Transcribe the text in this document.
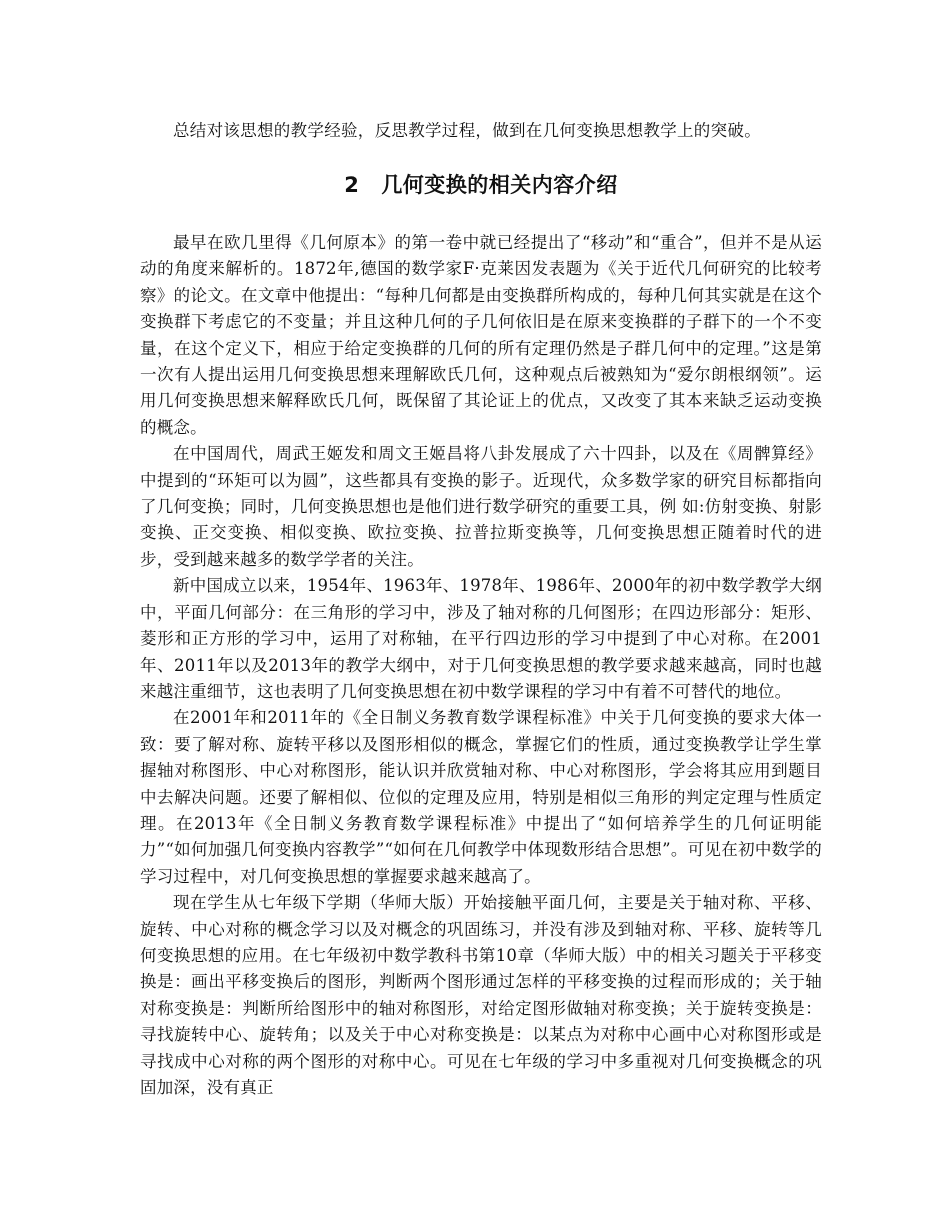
总结对该思想的教学经验，反思教学过程，做到在几何变换思想教学上的突破。

2 几何变换的相关内容介绍

最早在欧几里得《几何原本》的第一卷中就已经提出了“移动”和“重合”，但并不是从运动的角度来解析的。1872年,德国的数学家F·克莱因发表题为《关于近代几何研究的比较考察》的论文。在文章中他提出：“每种几何都是由变换群所构成的，每种几何其实就是在这个变换群下考虑它的不变量；并且这种几何的子几何依旧是在原来变换群的子群下的一个不变量，在这个定义下，相应于给定变换群的几何的所有定理仍然是子群几何中的定理。”这是第一次有人提出运用几何变换思想来理解欧氏几何，这种观点后被熟知为“爱尔朗根纲领”。运用几何变换思想来解释欧氏几何，既保留了其论证上的优点，又改变了其本来缺乏运动变换的概念。

在中国周代，周武王姬发和周文王姬昌将八卦发展成了六十四卦，以及在《周髀算经》中提到的“环矩可以为圆”，这些都具有变换的影子。近现代，众多数学家的研究目标都指向了几何变换；同时，几何变换思想也是他们进行数学研究的重要工具，例 如:仿射变换、射影变换、正交变换、相似变换、欧拉变换、拉普拉斯变换等，几何变换思想正随着时代的进步，受到越来越多的数学学者的关注。

新中国成立以来，1954年、1963年、1978年、1986年、2000年的初中数学教学大纲中，平面几何部分：在三角形的学习中，涉及了轴对称的几何图形；在四边形部分：矩形、菱形和正方形的学习中，运用了对称轴，在平行四边形的学习中提到了中心对称。在2001年、2011年以及2013年的教学大纲中，对于几何变换思想的教学要求越来越高，同时也越来越注重细节，这也表明了几何变换思想在初中数学课程的学习中有着不可替代的地位。

在2001年和2011年的《全日制义务教育数学课程标准》中关于几何变换的要求大体一致：要了解对称、旋转平移以及图形相似的概念，掌握它们的性质，通过变换教学让学生掌握轴对称图形、中心对称图形，能认识并欣赏轴对称、中心对称图形，学会将其应用到题目中去解决问题。还要了解相似、位似的定理及应用，特别是相似三角形的判定定理与性质定理。在2013年《全日制义务教育数学课程标准》中提出了“如何培养学生的几何证明能力”“如何加强几何变换内容教学”“如何在几何教学中体现数形结合思想”。可见在初中数学的学习过程中，对几何变换思想的掌握要求越来越高了。

现在学生从七年级下学期（华师大版）开始接触平面几何，主要是关于轴对称、平移、旋转、中心对称的概念学习以及对概念的巩固练习，并没有涉及到轴对称、平移、旋转等几何变换思想的应用。在七年级初中数学教科书第10章（华师大版）中的相关习题关于平移变换是：画出平移变换后的图形，判断两个图形通过怎样的平移变换的过程而形成的；关于轴对称变换是：判断所给图形中的轴对称图形，对给定图形做轴对称变换；关于旋转变换是：寻找旋转中心、旋转角；以及关于中心对称变换是：以某点为对称中心画中心对称图形或是寻找成中心对称的两个图形的对称中心。可见在七年级的学习中多重视对几何变换概念的巩固加深，没有真正
